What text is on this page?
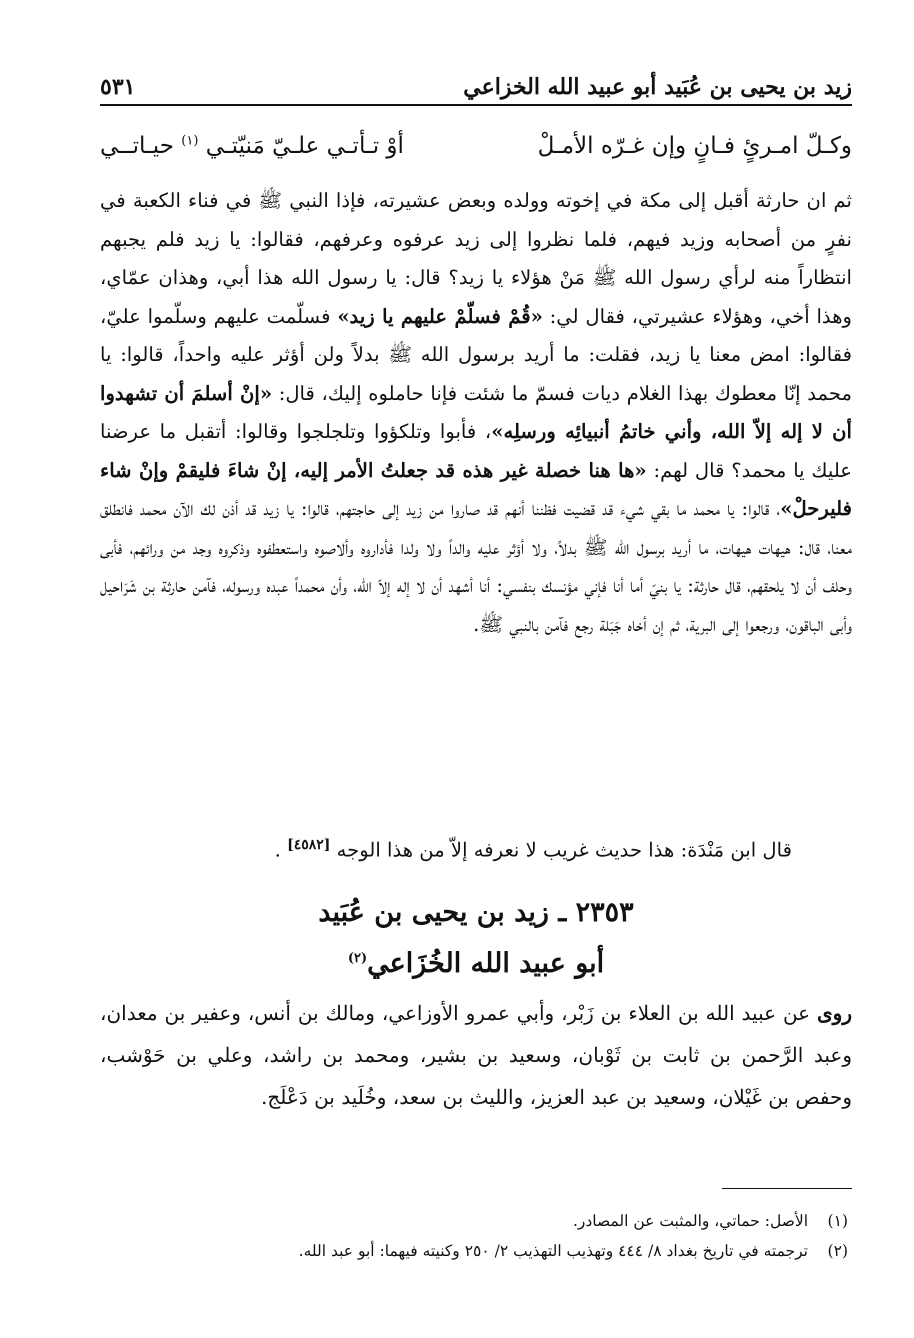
زيد بن يحيى بن عُبَيد أبو عبيد الله الخزاعي
٥٣١
وكـلّ امـرئٍ فـانٍ وإن غـرّه الأمـلْ
أوْ تـأتـي علـيّ مَنيّتـي $^{(١)}$ حيـاتــي

ثم ان حارثة أقبل إلى مكة في إخوته وولده وبعض عشيرته، فإذا النبي ﷺ في فناء الكعبة في نفرٍ من أصحابه وزيد فيهم، فلما نظروا إلى زيد عرفوه وعرفهم، فقالوا: يا زيد فلم يجبهم انتظاراً منه لرأي رسول الله ﷺ مَنْ هؤلاء يا زيد؟ قال: يا رسول الله هذا أبي، وهذان عمّاي، وهذا أخي، وهؤلاء عشيرتي، فقال لي: «قُمْ فسلّمْ عليهم يا زيد» فسلّمت عليهم وسلّموا عليّ، فقالوا: امض معنا يا زيد، فقلت: ما أريد برسول الله ﷺ بدلاً ولن أؤثر عليه واحداً، قالوا: يا محمد إنّا معطوك بهذا الغلام ديات فسمّ ما شئت فإنا حاملوه إليك، قال: «إنْ أسلمَ أن تشهدوا أن لا إله إلاّ الله، وأني خاتمُ أنبيائِه ورسلِه»، فأبوا وتلكؤوا وتلجلجوا وقالوا: أتقبل ما عرضنا عليك يا محمد؟ قال لهم: «ها هنا خصلة غير هذه قد جعلتُ الأمر إليه، إنْ شاءَ فليقمْ وإنْ شاء فليرحلْ»، قالوا: يا محمد ما بقي شيء قد قضيت فظننا أنهم قد صاروا من زيد إلى حاجتهم، قالوا: يا زيد قد أذن لك الآن محمد فانطلق معنا، قال: هيهات هيهات، ما أريد برسول الله ﷺ بدلاً، ولا أؤثر عليه والداً ولا ولدا فأداروه وألاصوه واستعطفوه وذكروه وجد من ورائهم، فأبى وحلف أن لا يلحقهم، قال حارثة: يا بنيّ أما أنا فإني مؤنسك بنفسي: أنا أشهد أن لا إله إلاّ الله، وأن محمداً عبده ورسوله، فآمن حارثة بن شَرَاحيل وأبى الباقون، ورجعوا إلى البرية، ثم إن أخاه جَبَلة رجع فآمن بالنبي ﷺ.

قال ابن مَنْدَة: هذا حديث غريب لا نعرفه إلاّ من هذا الوجه [٤٥٨٢] .
٢٣٥٣ ـ زيد بن يحيى بن عُبَيد
أبو عبيد الله الخُزَاعي$^{(٢)}$
روى عن عبيد الله بن العلاء بن زَبْر، وأبي عمرو الأوزاعي، ومالك بن أنس، وعفير بن معدان، وعبد الرَّحمن بن ثابت بن ثَوْبان، وسعيد بن بشير، ومحمد بن راشد، وعلي بن حَوْشب، وحفص بن غَيْلان، وسعيد بن عبد العزيز، والليث بن سعد، وخُلَيد بن دَعْلَج.
(١)
الأصل: حماتي، والمثبت عن المصادر.
(٢)
ترجمته في تاريخ بغداد ٨/ ٤٤٤ وتهذيب التهذيب ٢/ ٢٥٠ وكنيته فيهما: أبو عبد الله.
